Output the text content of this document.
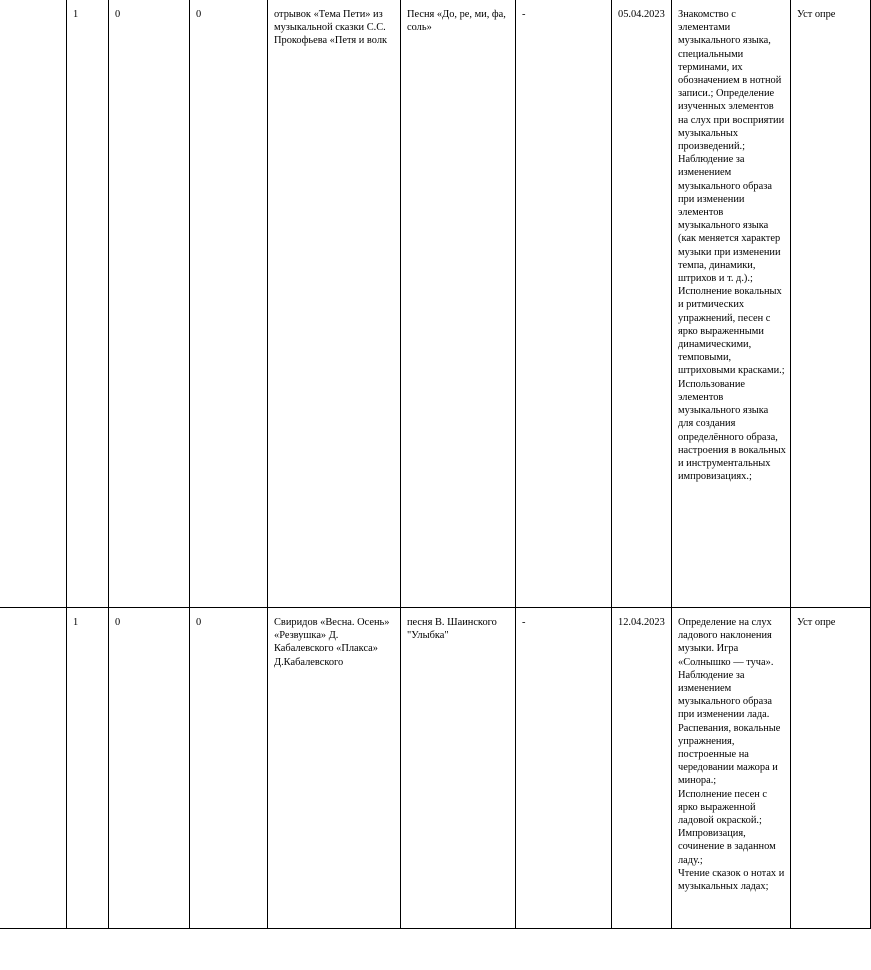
	1	0	0	отрывок «Тема Пети» из музыкальной сказки С.С. Прокофьева «Петя и волк	Песня «До, ре, ми, фа, соль»	-	05.04.2023	Знакомство с элементами музыкального языка, специальными терминами, их обозначением в нотной записи.; Определение изученных элементов на слух при восприятии музыкальных произведений.;
Наблюдение за изменением музыкального образа при изменении элементов музыкального языка (как меняется характер музыки при изменении темпа, динамики, штрихов и т. д.).;
Исполнение вокальных и ритмических упражнений, песен с ярко выраженными динамическими, темповыми, штриховыми красками.;
Использование элементов музыкального языка для создания определённого образа, настроения в вокальных и инструментальных импровизациях.;	Уст опре
	1	0	0	Свиридов «Весна. Осень» «Резвушка» Д. Кабалевского «Плакса» Д.Кабалевского	песня В. Шаинского "Улыбка"	-	12.04.2023	Определение на слух ладового наклонения музыки. Игра «Солнышко — туча». Наблюдение за изменением музыкального образа при изменении лада. Распевания, вокальные упражнения, построенные на чередовании мажора и минора.;
Исполнение песен с ярко выраженной ладовой окраской.;
Импровизация, сочинение в заданном ладу.;
Чтение сказок о нотах и музыкальных ладах;	Уст опре
